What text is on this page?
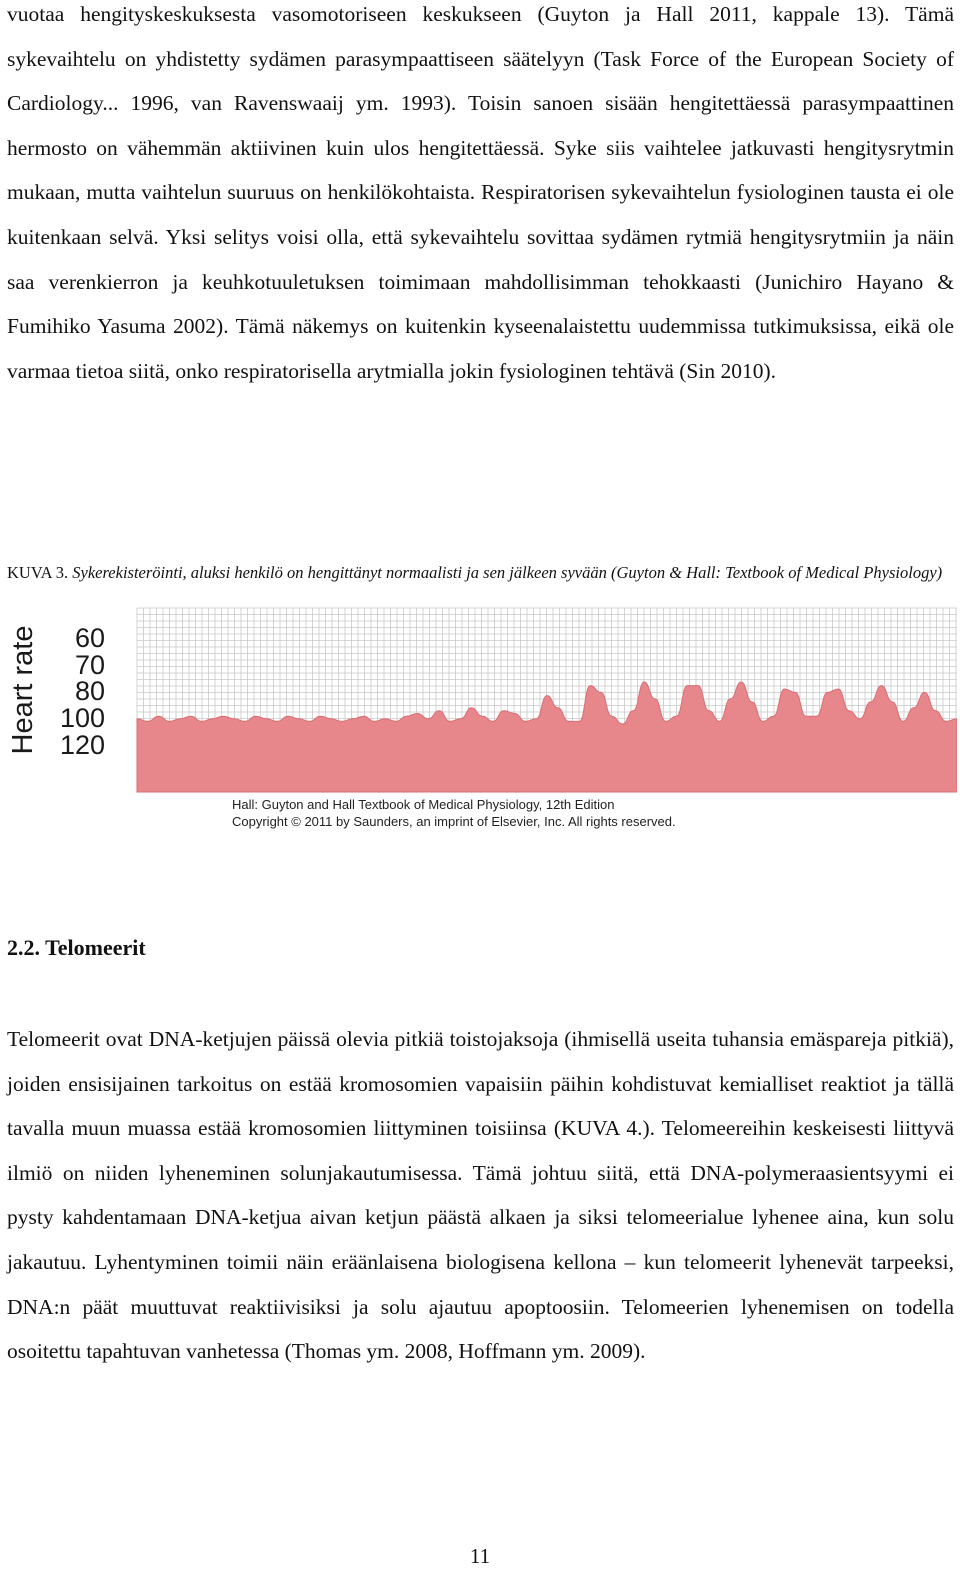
vuotaa hengityskeskuksesta vasomotoriseen keskukseen (Guyton ja Hall 2011, kappale 13). Tämä sykevaihtelu on yhdistetty sydämen parasympaattiseen säätelyyn (Task Force of the European Society of Cardiology... 1996, van Ravenswaaij ym. 1993). Toisin sanoen sisään hengitettäessä parasympaattinen hermosto on vähemmän aktiivinen kuin ulos hengitettäessä. Syke siis vaihtelee jatkuvasti hengitysrytmin mukaan, mutta vaihtelun suuruus on henkilökohtaista. Respiratorisen sykevaihtelun fysiologinen tausta ei ole kuitenkaan selvä. Yksi selitys voisi olla, että sykevaihtelu sovittaa sydämen rytmiä hengitysrytmiin ja näin saa verenkierron ja keuhkotuuletuksen toimimaan mahdollisimman tehokkaasti (Junichiro Hayano & Fumihiko Yasuma 2002). Tämä näkemys on kuitenkin kyseenalaistettu uudemmissa tutkimuksissa, eikä ole varmaa tietoa siitä, onko respiratorisella arytmialla jokin fysiologinen tehtävä (Sin 2010).

KUVA 3. Sykerekisteröinti, aluksi henkilö on hengittänyt normaalisti ja sen jälkeen syvään (Guyton & Hall: Textbook of Medical Physiology)

60
70
80
100
120
Heart rate
Hall: Guyton and Hall Textbook of Medical Physiology, 12th Edition
Copyright © 2011 by Saunders, an imprint of Elsevier, Inc. All rights reserved.
2.2. Telomeerit

Telomeerit ovat DNA-ketjujen päissä olevia pitkiä toistojaksoja (ihmisellä useita tuhansia emäspareja pitkiä), joiden ensisijainen tarkoitus on estää kromosomien vapaisiin päihin kohdistuvat kemialliset reaktiot ja tällä tavalla muun muassa estää kromosomien liittyminen toisiinsa (KUVA 4.). Telomeereihin keskeisesti liittyvä ilmiö on niiden lyheneminen solunjakautumisessa. Tämä johtuu siitä, että DNA-polymeraasientsyymi ei pysty kahdentamaan DNA-ketjua aivan ketjun päästä alkaen ja siksi telomeerialue lyhenee aina, kun solu jakautuu. Lyhentyminen toimii näin eräänlaisena biologisena kellona – kun telomeerit lyhenevät tarpeeksi, DNA:n päät muuttuvat reaktiivisiksi ja solu ajautuu apoptoosiin. Telomeerien lyhenemisen on todella osoitettu tapahtuvan vanhetessa (Thomas ym. 2008, Hoffmann ym. 2009).

11
